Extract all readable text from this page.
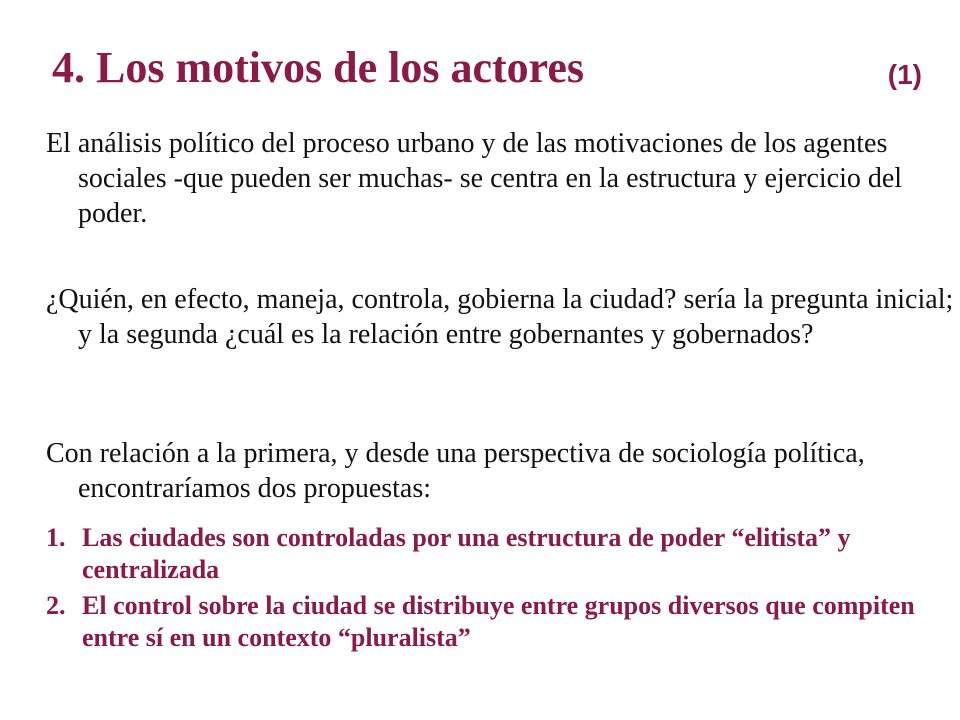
4. Los motivos de los actores	(1)
El análisis político del proceso urbano y de las motivaciones de los agentes sociales -que pueden ser muchas- se centra en la estructura y ejercicio del poder.
¿Quién, en efecto, maneja, controla, gobierna la ciudad? sería la pregunta inicial; y la segunda ¿cuál es la relación entre gobernantes y gobernados?
Con relación a la primera, y desde una perspectiva de sociología política, encontraríamos dos propuestas:
1. Las ciudades son controladas por una estructura de poder “elitista” y centralizada
2. El control sobre la ciudad se distribuye entre grupos diversos que compiten entre sí en un contexto “pluralista”
